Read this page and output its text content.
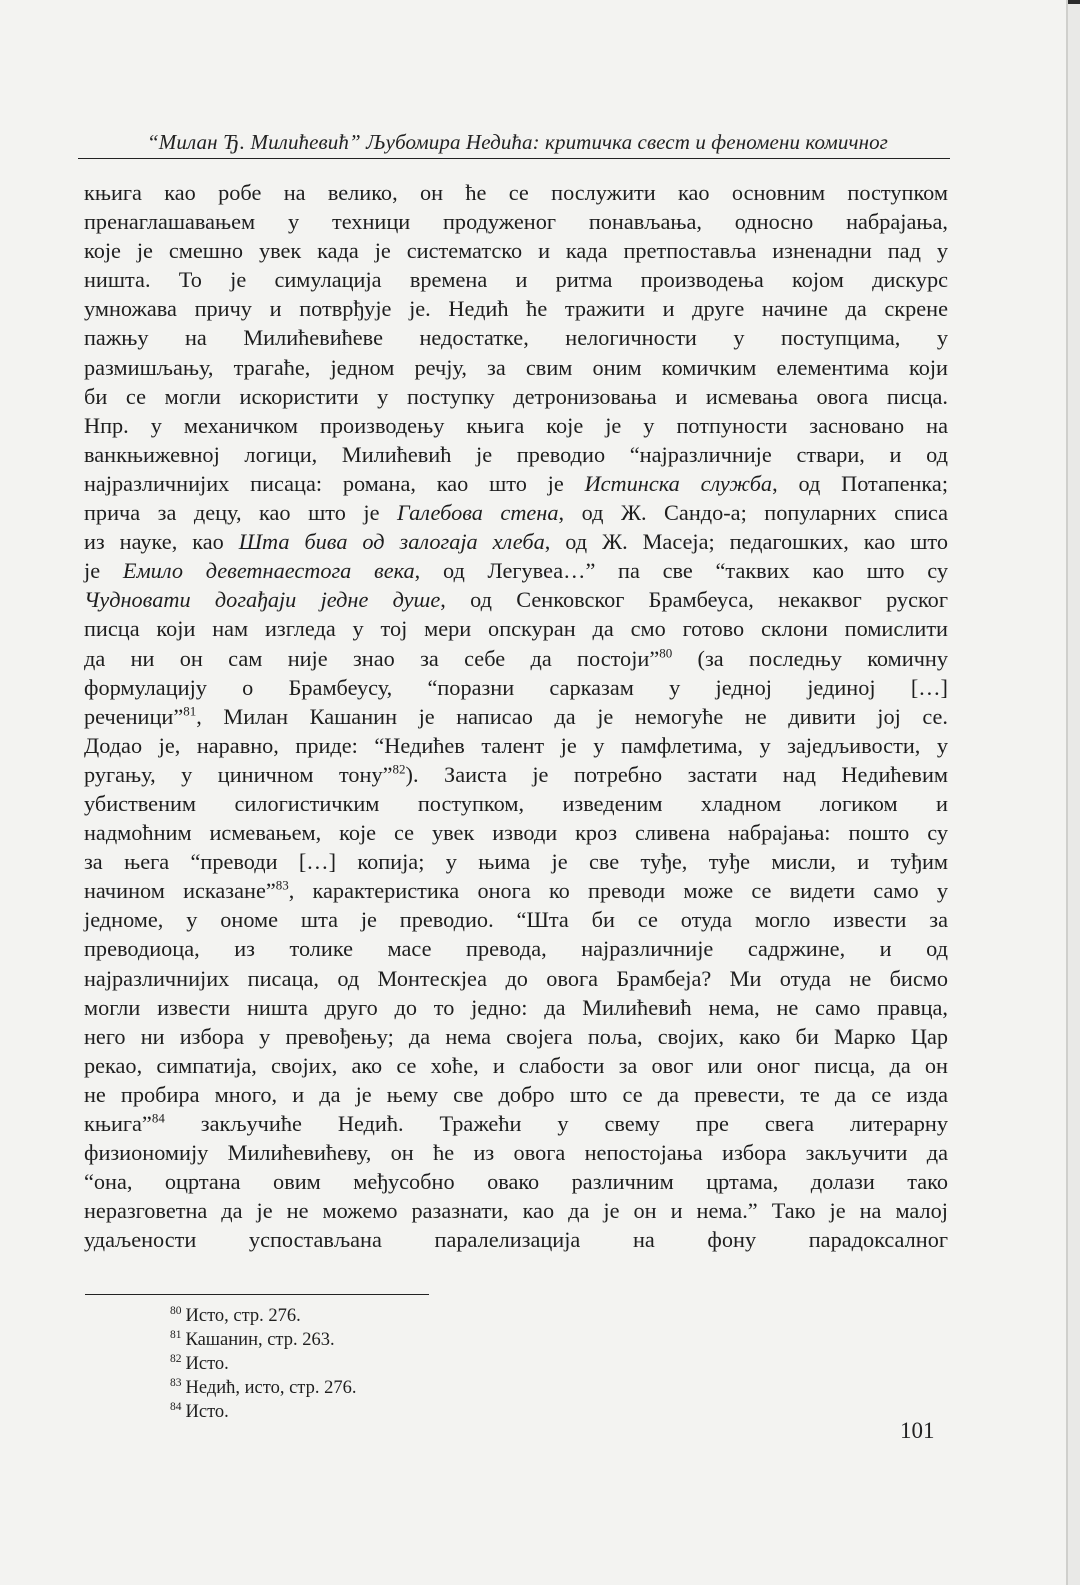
“Милан Ђ. Милићевић” Љубомира Недића: критичка свест и феномени комичног
књига као робе на велико, он ће се послужити као основним поступком
пренаглашавањем у техници продуженог понављања, односно набрајања,
које је смешно увек када је систематско и када претпоставља изненадни пад у
ништа. То је симулација времена и ритма производења којом дискурс
умножава причу и потврђује је. Недић ће тражити и друге начине да скрене
пажњу на Милићевићеве недостатке, нелогичности у поступцима, у
размишљању, трагаће, једном речју, за свим оним комичким елементима који
би се могли искористити у поступку детронизовања и исмевања овога писца.
Нпр. у механичком производењу књига које је у потпуности засновано на
ванкњижевној логици, Милићевић је преводио “најразличније ствари, и од
најразличнијих писаца: романа, као што је Истинска служба, од Потапенка;
прича за децу, као што је Галебова стена, од Ж. Сандо-а; популарних списа
из науке, као Шта бива од залогаја хлеба, од Ж. Масеја; педагошких, као што
је Емило деветнаестога века, од Легувеа…” па све “таквих као што су
Чудновати догађаји једне душе, од Сенковског Брамбеуса, некаквог руског
писца који нам изгледа у тој мери опскуран да смо готово склони помислити
да ни он сам није знао за себе да постоји”$^{80}$ (за последњу комичну
формулацију о Брамбеусу, “поразни сарказам у једној јединој […]
реченици”$^{81}$, Милан Кашанин је написао да је немогуће не дивити јој се.
Додао је, наравно, приде: “Недићев талент је у памфлетима, у заједљивости, у
ругању, у циничном тону”$^{82}$). Заиста је потребно застати над Недићевим
убиственим силогистичким поступком, изведеним хладном логиком и
надмоћним исмевањем, које се увек изводи кроз сливена набрајања: пошто су
за њега “преводи […] копија; у њима је све туђе, туђе мисли, и туђим
начином исказане”$^{83}$, карактеристика онога ко преводи може се видети само у
једноме, у ономе шта је преводио. “Шта би се отуда могло извести за
преводиоца, из толике масе превода, најразличније садржине, и од
најразличнијих писаца, од Монтескјеа до овога Брамбеја? Ми отуда не бисмо
могли извести ништа друго до то једно: да Милићевић нема, не само правца,
него ни избора у превођењу; да нема својега поља, својих, како би Марко Цар
рекао, симпатија, својих, ако се хоће, и слабости за овог или оног писца, да он
не пробира много, и да је њему све добро што се да превести, те да се изда
књига”$^{84}$ закључиће Недић. Тражећи у свему пре свега литерарну
физиономију Милићевићеву, он ће из овога непостојања избора закључити да
“она, оцртана овим међусобно овако различним цртама, долази тако
неразговетна да је не можемо разазнати, као да је он и нема.” Тако је на малој
удаљености успостављана паралелизација на фону парадоксалног
$^{80}$ Исто, стр. 276.
$^{81}$ Кашанин, стр. 263.
$^{82}$ Исто.
$^{83}$ Недић, исто, стр. 276.
$^{84}$ Исто.
101
